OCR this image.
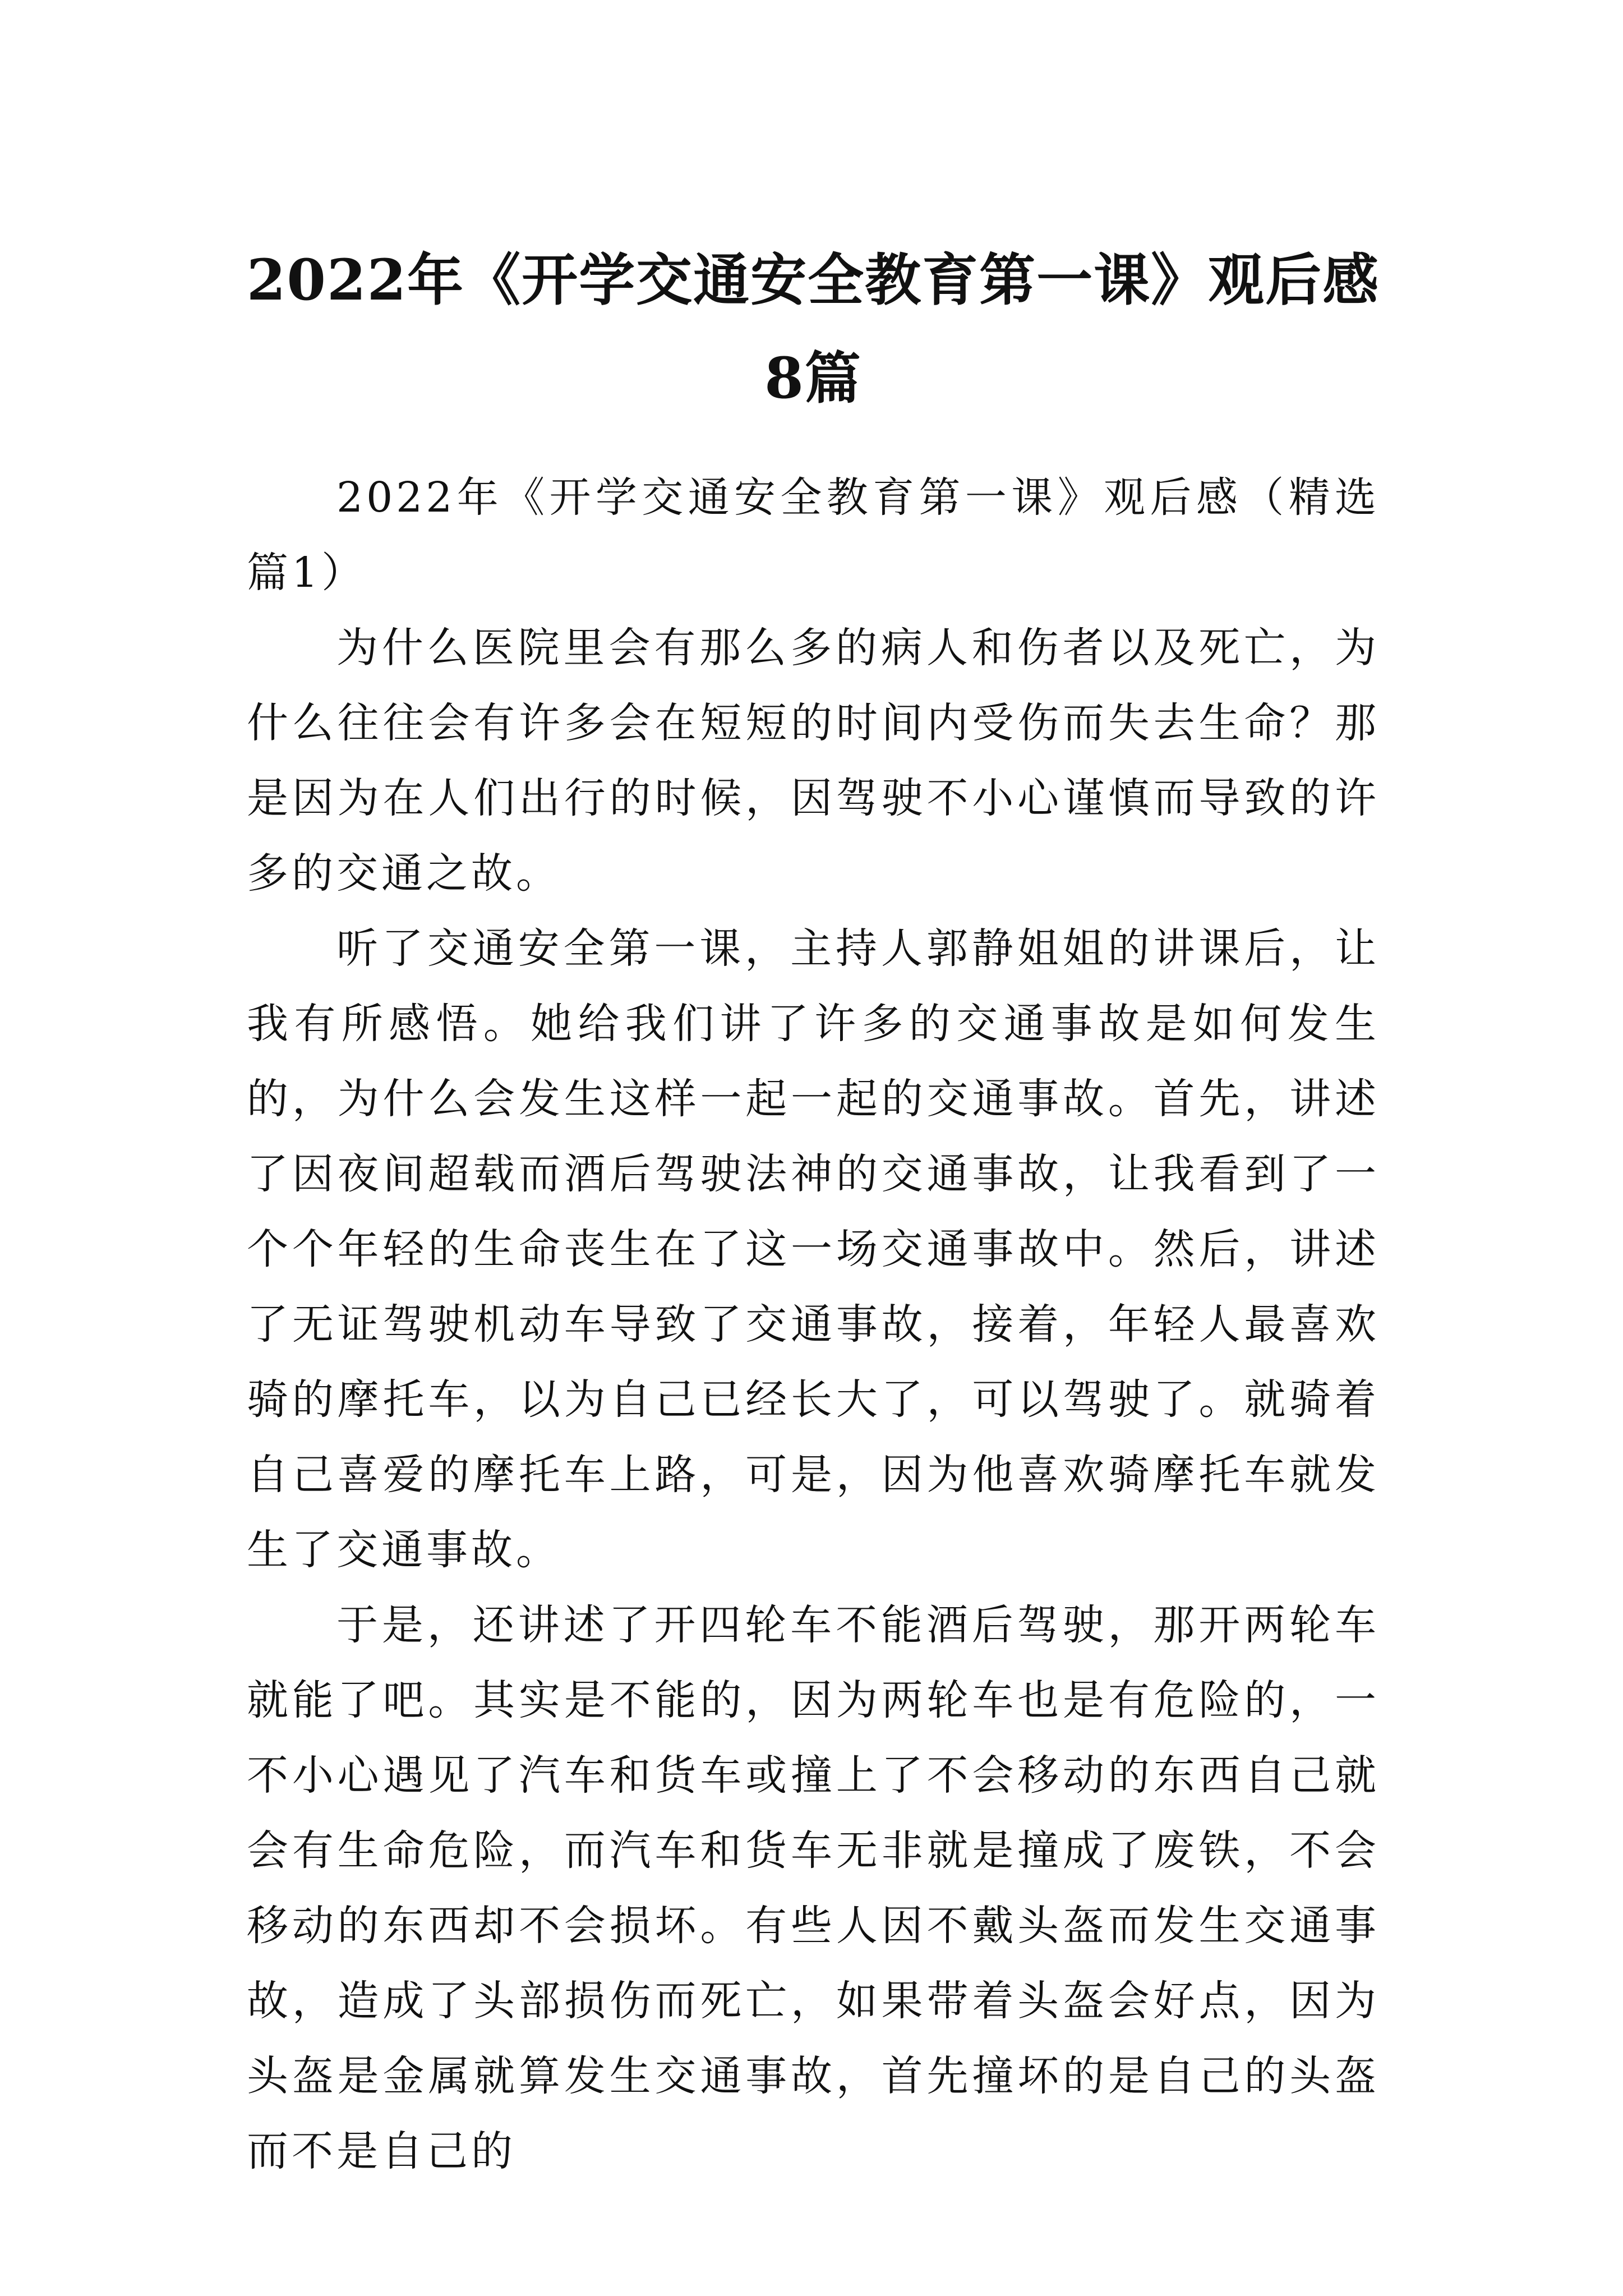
2022年《开学交通安全教育第一课》观后感8篇

2022年《开学交通安全教育第一课》观后感（精选篇1）

为什么医院里会有那么多的病人和伤者以及死亡，为什么往往会有许多会在短短的时间内受伤而失去生命？那是因为在人们出行的时候，因驾驶不小心谨慎而导致的许多的交通之故。

听了交通安全第一课，主持人郭静姐姐的讲课后，让我有所感悟。她给我们讲了许多的交通事故是如何发生的，为什么会发生这样一起一起的交通事故。首先，讲述了因夜间超载而酒后驾驶法神的交通事故，让我看到了一个个年轻的生命丧生在了这一场交通事故中。然后，讲述了无证驾驶机动车导致了交通事故，接着，年轻人最喜欢骑的摩托车，以为自己已经长大了，可以驾驶了。就骑着自己喜爱的摩托车上路，可是，因为他喜欢骑摩托车就发生了交通事故。

于是，还讲述了开四轮车不能酒后驾驶，那开两轮车就能了吧。其实是不能的，因为两轮车也是有危险的，一不小心遇见了汽车和货车或撞上了不会移动的东西自己就会有生命危险，而汽车和货车无非就是撞成了废铁，不会移动的东西却不会损坏。有些人因不戴头盔而发生交通事故，造成了头部损伤而死亡，如果带着头盔会好点，因为头盔是金属就算发生交通事故，首先撞坏的是自己的头盔而不是自己的
